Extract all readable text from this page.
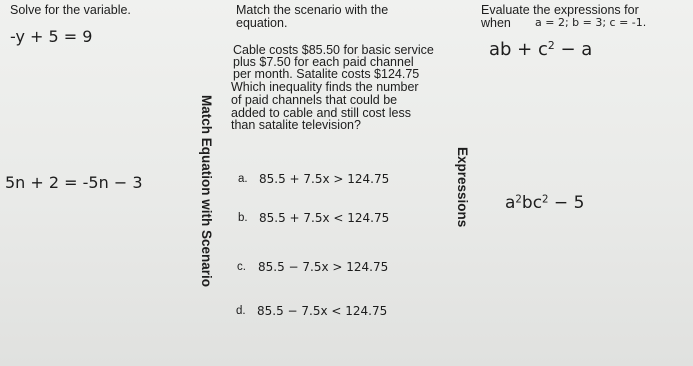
Solve for the variable.
-y + 5 = 9
5n + 2 = -5n − 3
Match the scenario with the
equation.
Match Equation with Scenario
Cable costs $85.50 for basic service
plus $7.50 for each paid channel
per month. Satalite costs $124.75
Which inequality finds the number
of paid channels that could be
added to cable and still cost less
than satalite television?
a. 85.5 + 7.5x > 124.75
b. 85.5 + 7.5x < 124.75
c. 85.5 − 7.5x > 124.75
d. 85.5 − 7.5x < 124.75
Evaluate the expressions for
when a = 2; b = 3; c = -1.
Expressions
ab + $c^2 - a$
$a^2bc^2 - 5$
